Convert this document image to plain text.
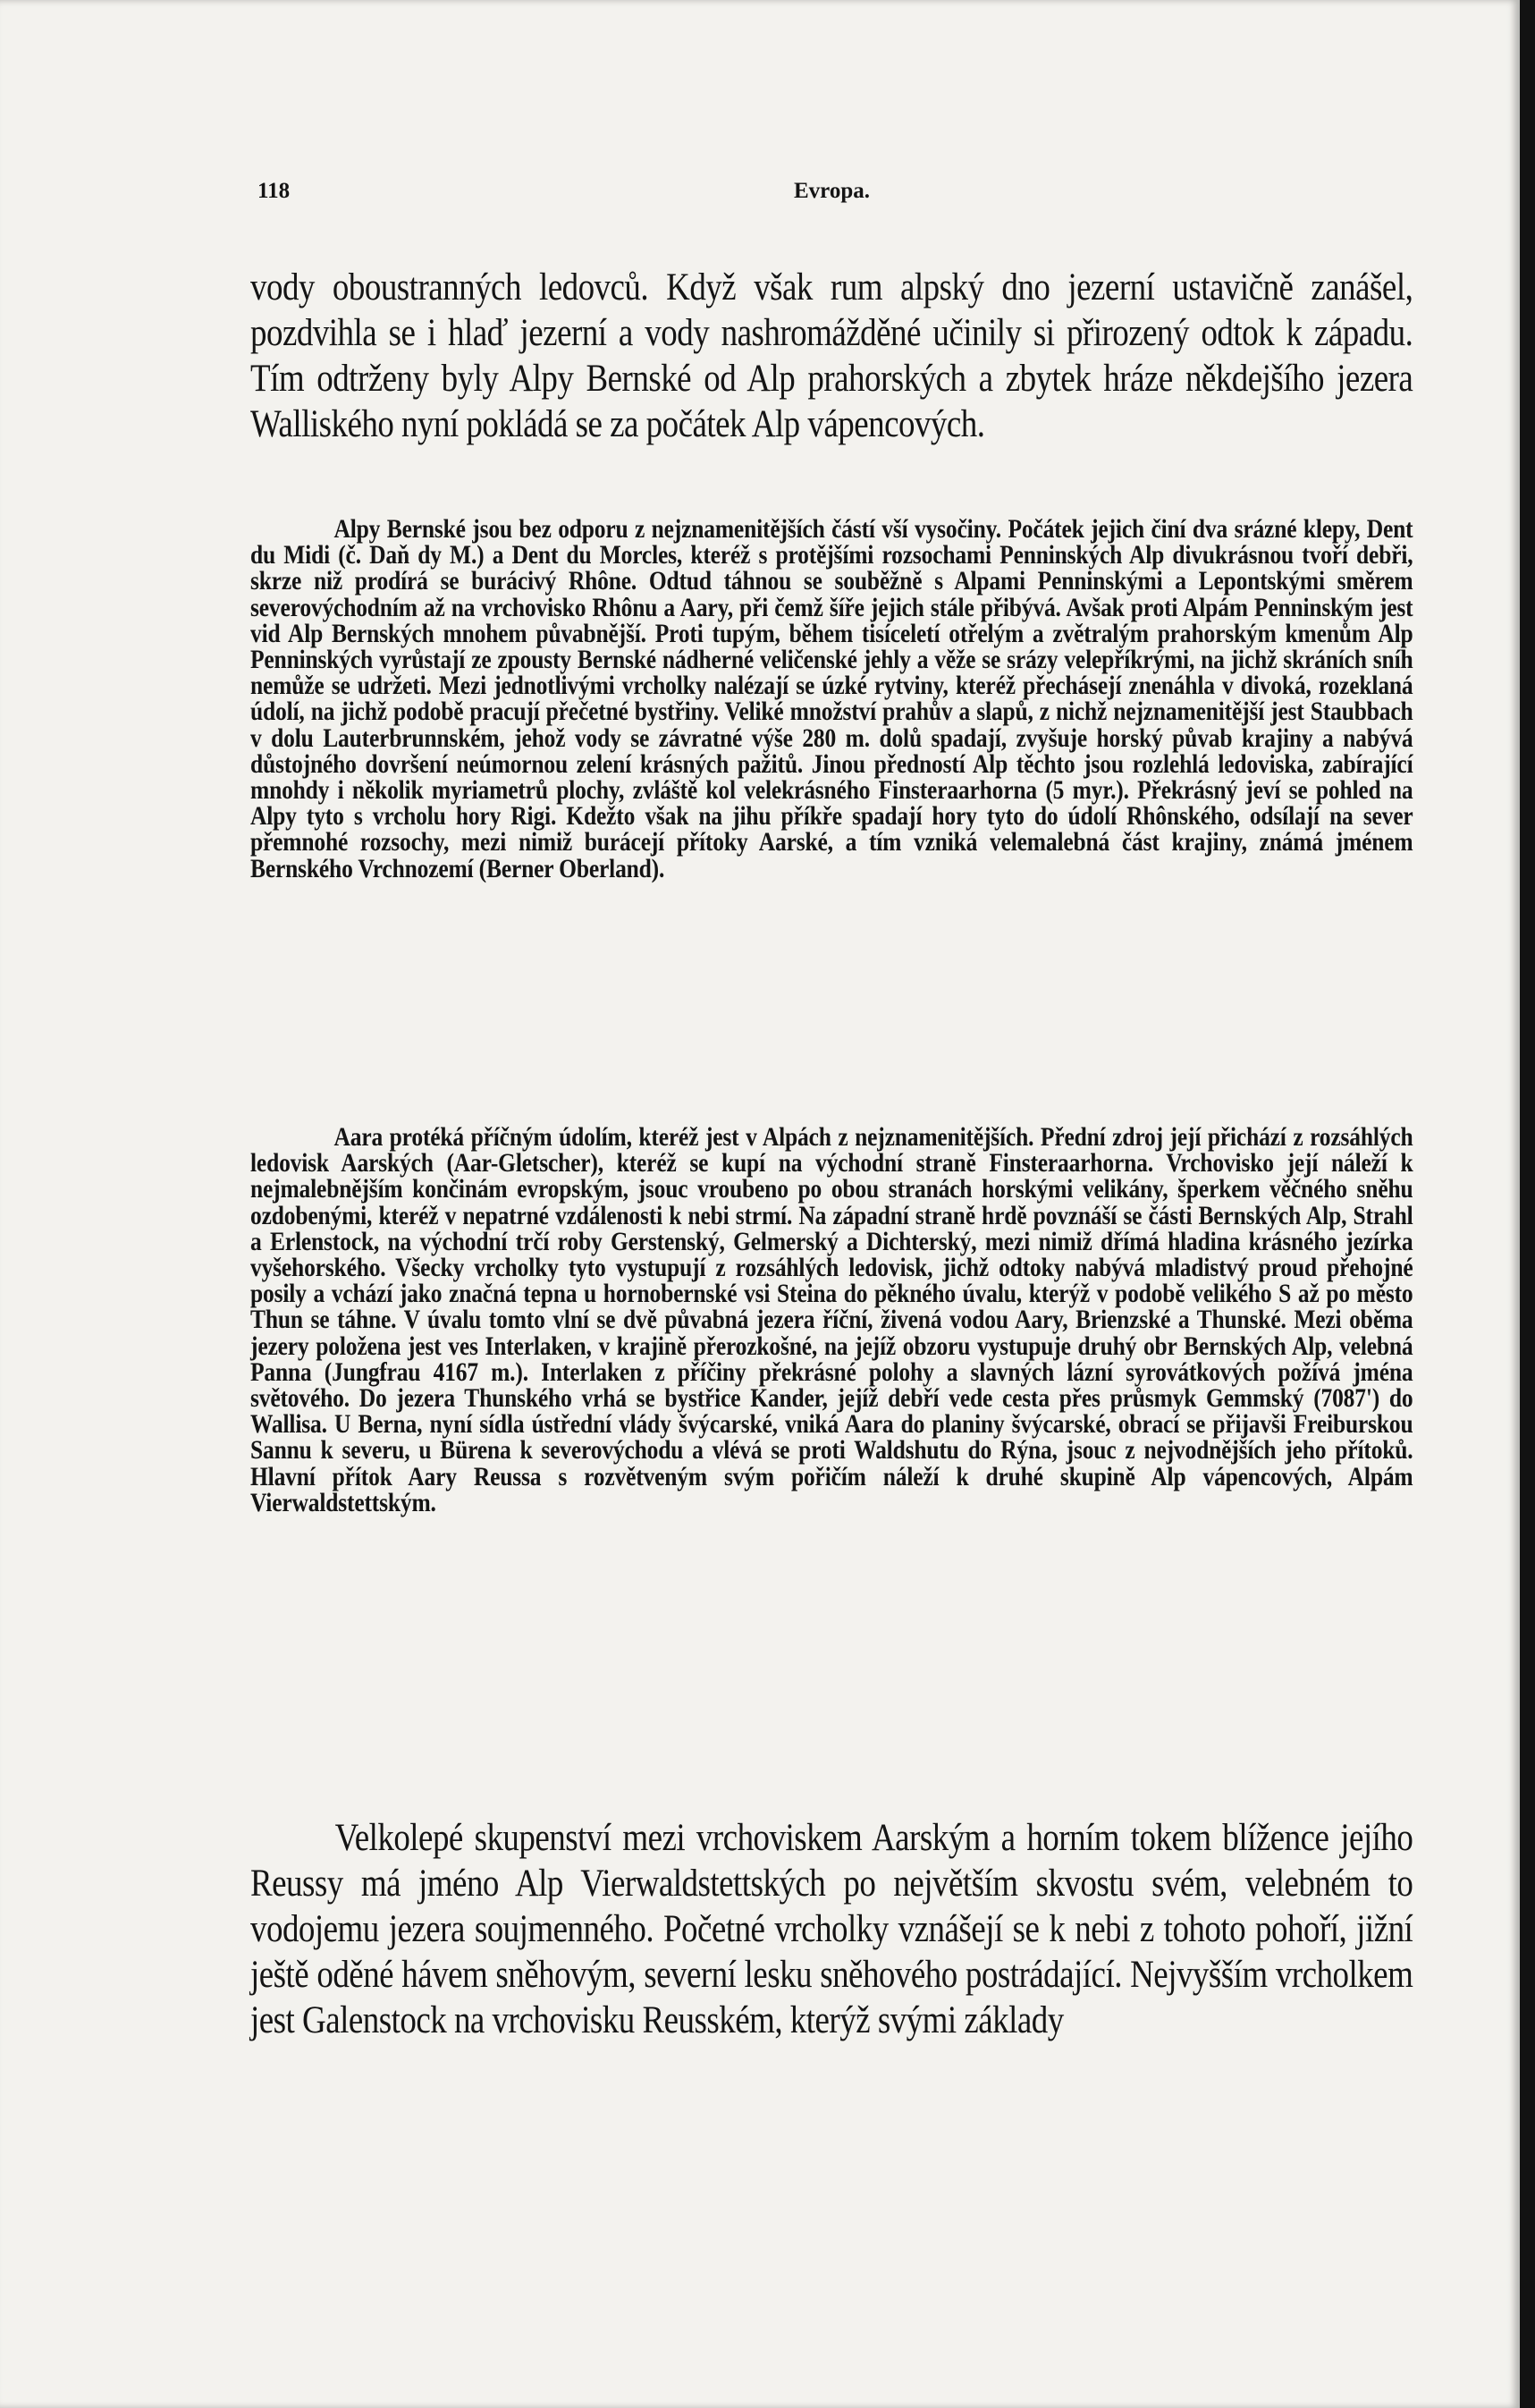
118	Evropa.

vody oboustranných ledovců. Když však rum alpský dno jezerní ustavičně zanášel, pozdvihla se i hlaď jezerní a vody nashromážděné učinily si přirozený odtok k západu. Tím odtrženy byly Alpy Bernské od Alp prahorských a zbytek hráze někdejšího jezera Walliského nyní pokládá se za počátek Alp vápencových.

Alpy Bernské jsou bez odporu z nejznamenitějších částí vší vysočiny. Počátek jejich činí dva srázné klepy, Dent du Midi (č. Daň dy M.) a Dent du Morcles, kteréž s protějšími rozsochami Penninských Alp divukrásnou tvoří debři, skrze niž prodírá se burácivý Rhône. Odtud táhnou se souběžně s Alpami Penninskými a Lepontskými směrem severovýchodním až na vrchovisko Rhônu a Aary, při čemž šíře jejich stále přibývá. Avšak proti Alpám Penninským jest vid Alp Bernských mnohem půvabnější. Proti tupým, během tisíceletí otřelým a zvětralým prahorským kmenům Alp Penninských vyrůstají ze zpousty Bernské nádherné veličenské jehly a věže se srázy velepříkrými, na jichž skráních sníh nemůže se udržeti. Mezi jednotlivými vrcholky nalézají se úzké rytviny, kteréž přechásejí znenáhla v divoká, rozeklaná údolí, na jichž podobě pracují přečetné bystřiny. Veliké množství prahův a slapů, z nichž nejznamenitější jest Staubbach v dolu Lauterbrunnském, jehož vody se závratné výše 280 m. dolů spadají, zvyšuje horský půvab krajiny a nabývá důstojného dovršení neúmornou zelení krásných pažitů. Jinou předností Alp těchto jsou rozlehlá ledoviska, zabírající mnohdy i několik myriametrů plochy, zvláště kol velekrásného Finsteraarhorna (5 myr.). Překrásný jeví se pohled na Alpy tyto s vrcholu hory Rigi. Kdežto však na jihu příkře spadají hory tyto do údolí Rhônského, odsílají na sever přemnohé rozsochy, mezi nimiž burácejí přítoky Aarské, a tím vzniká velemalebná část krajiny, známá jménem Bernského Vrchnozemí (Berner Oberland).

Aara protéká příčným údolím, kteréž jest v Alpách z nejznamenitějších. Přední zdroj její přichází z rozsáhlých ledovisk Aarských (Aar-Gletscher), kteréž se kupí na východní straně Finsteraarhorna. Vrchovisko její náleží k nejmalebnějším končinám evropským, jsouc vroubeno po obou stranách horskými velikány, šperkem věčného sněhu ozdobenými, kteréž v nepatrné vzdálenosti k nebi strmí. Na západní straně hrdě povznáší se části Bernských Alp, Strahl a Erlenstock, na východní trčí roby Gerstenský, Gelmerský a Dichterský, mezi nimiž dřímá hladina krásného jezírka vyšehorského. Všecky vrcholky tyto vystupují z rozsáhlých ledovisk, jichž odtoky nabývá mladistvý proud přehojné posily a vchází jako značná tepna u hornobernské vsi Steina do pěkného úvalu, kterýž v podobě velikého S až po město Thun se táhne. V úvalu tomto vlní se dvě půvabná jezera říční, živená vodou Aary, Brienzské a Thunské. Mezi oběma jezery položena jest ves Interlaken, v krajině přerozkošné, na jejíž obzoru vystupuje druhý obr Bernských Alp, velebná Panna (Jungfrau 4167 m.). Interlaken z příčiny překrásné polohy a slavných lázní syrovátkových požívá jména světového. Do jezera Thunského vrhá se bystřice Kander, jejíž debří vede cesta přes průsmyk Gemmský (7087') do Wallisa. U Berna, nyní sídla ústřední vlády švýcarské, vniká Aara do planiny švýcarské, obrací se přijavši Freiburskou Sannu k severu, u Bürena k severovýchodu a vlévá se proti Waldshutu do Rýna, jsouc z nejvodnějších jeho přítoků. Hlavní přítok Aary Reussa s rozvětveným svým pořičím náleží k druhé skupině Alp vápencových, Alpám Vierwaldstettským.

Velkolepé skupenství mezi vrchoviskem Aarským a horním tokem blížence jejího Reussy má jméno Alp Vierwaldstettských po největším skvostu svém, velebném to vodojemu jezera soujmenného. Početné vrcholky vznášejí se k nebi z tohoto pohoří, jižní ještě oděné hávem sněhovým, severní lesku sněhového postrádající. Nejvyšším vrcholkem jest Galenstock na vrchovisku Reusském, kterýž svými základy
